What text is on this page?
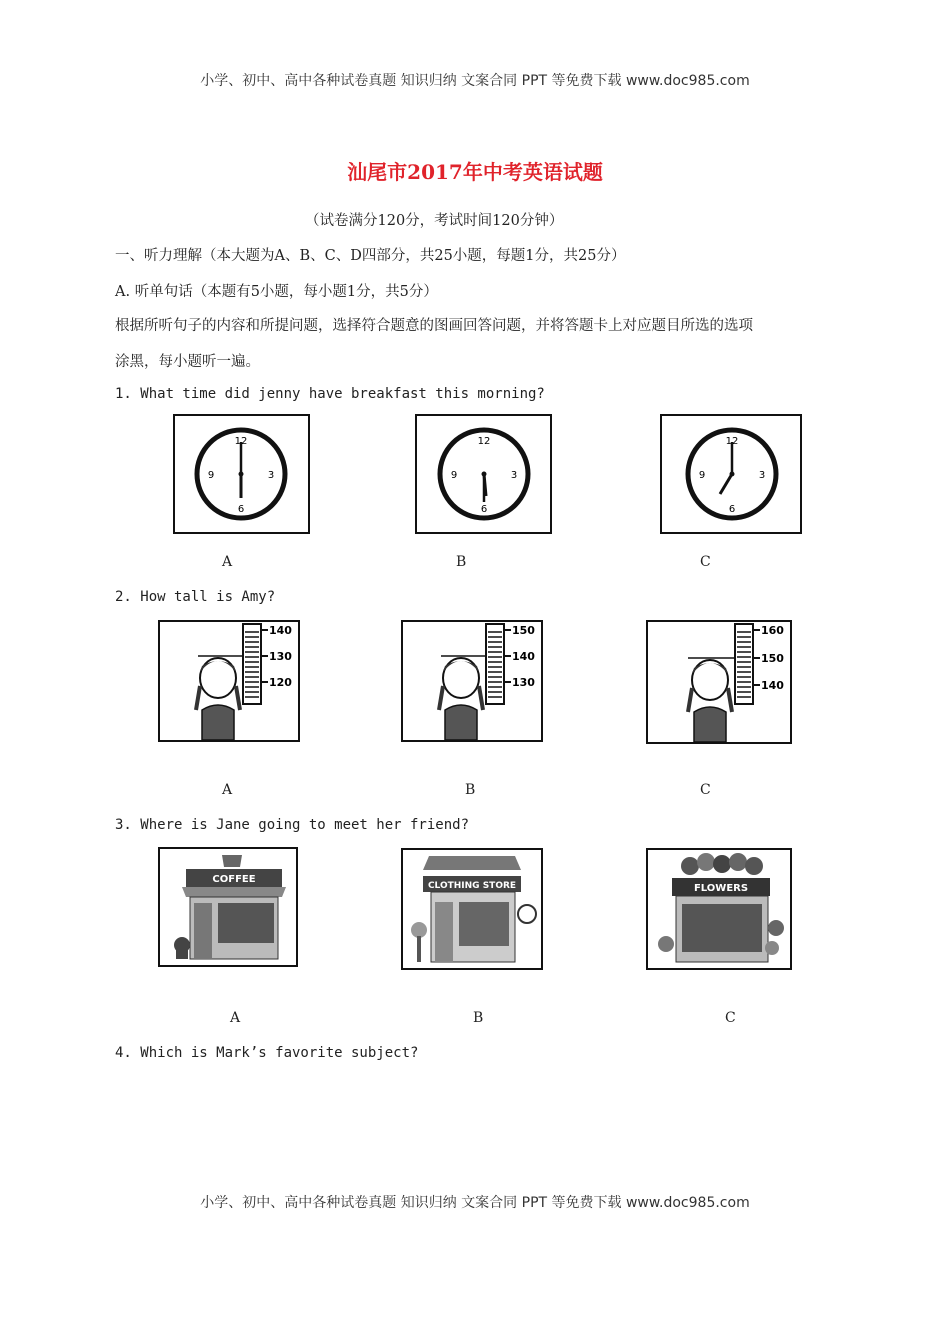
小学、初中、高中各种试卷真题 知识归纳 文案合同 PPT 等免费下载 www.doc985.com
汕尾市2017年中考英语试题
（试卷满分120分，考试时间120分钟）
一、听力理解（本大题为A、B、C、D四部分，共25小题，每题1分，共25分）
A. 听单句话（本题有5小题，每小题1分，共5分）
根据所听句子的内容和所提问题，选择符合题意的图画回答问题，并将答题卡上对应题目所选的选项
涂黑，每小题听一遍。
1. What time did jenny have breakfast this morning?
12
3
6
9
12
3
6
9
12
3
6
9
A	B	C
2. How tall is Amy?
140
130
120
150
140
130
160
150
140
A	B	C
3. Where is Jane going to meet her friend?
COFFEE
CLOTHING STORE	FLOWERS
A	B	C
4. Which is Mark’s favorite subject?
小学、初中、高中各种试卷真题 知识归纳 文案合同 PPT 等免费下载 www.doc985.com
